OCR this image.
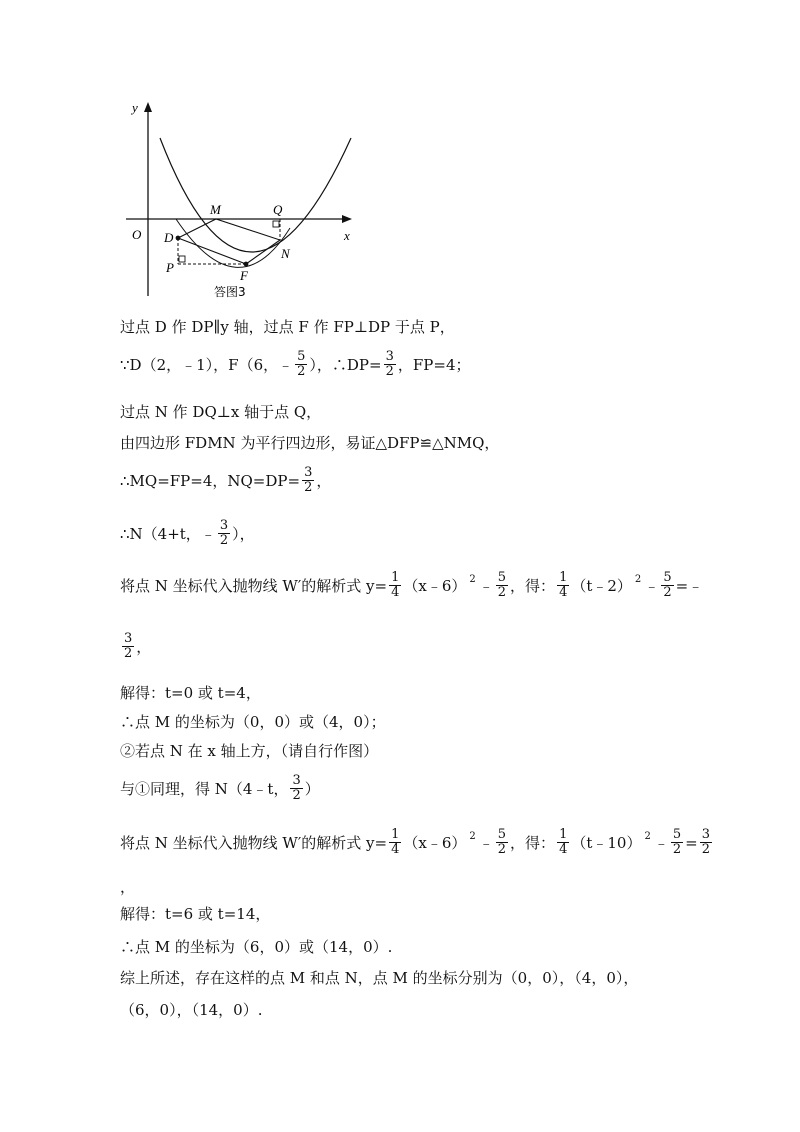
y
x
O
M	Q
D
N
P
F
答图3
过点 D 作 DP∥y 轴，过点 F 作 FP⊥DP 于点 P，
∵D（2，﹣1），F（6，﹣ $\frac{5}{2}$ ），∴DP= $\frac{3}{2}$ ，FP=4；
过点 N 作 DQ⊥x 轴于点 Q，
由四边形 FDMN 为平行四边形，易证△DFP≌△NMQ，
∴MQ=FP=4，$NQ=DP= \frac{3}{2}$ ，
∴N（4+t，﹣ $\frac{3}{2}$ ），
将点 N 坐标代入抛物线 W′的解析式 $y= \frac{1}{4}$ （x﹣6） 2 ﹣ $\frac{5}{2}$ ，得： $\frac{1}{4}$ （t﹣2） 2 ﹣ $\frac{5}{2}$ =﹣
$\frac{3}{2}$ ，
解得：t=0 或 t=4，
∴点 M 的坐标为（0，0）或（4，0）；
②若点 N 在 x 轴上方，（请自行作图）
与①同理，得 N（4﹣t， $\frac{3}{2}$ ）
将点 N 坐标代入抛物线 W′的解析式 $y= \frac{1}{4}$ （x﹣6） 2 ﹣ $\frac{5}{2}$ ，得： $\frac{1}{4}$ （t﹣10） 2 ﹣ $\frac{5}{2} = \frac{3}{2}$
，
解得：t=6 或 t=14，
∴点 M 的坐标为（6，0）或（14，0）.
综上所述，存在这样的点 M 和点 N，点 M 的坐标分别为（0，0），（4，0），
（6，0），（14，0）.
